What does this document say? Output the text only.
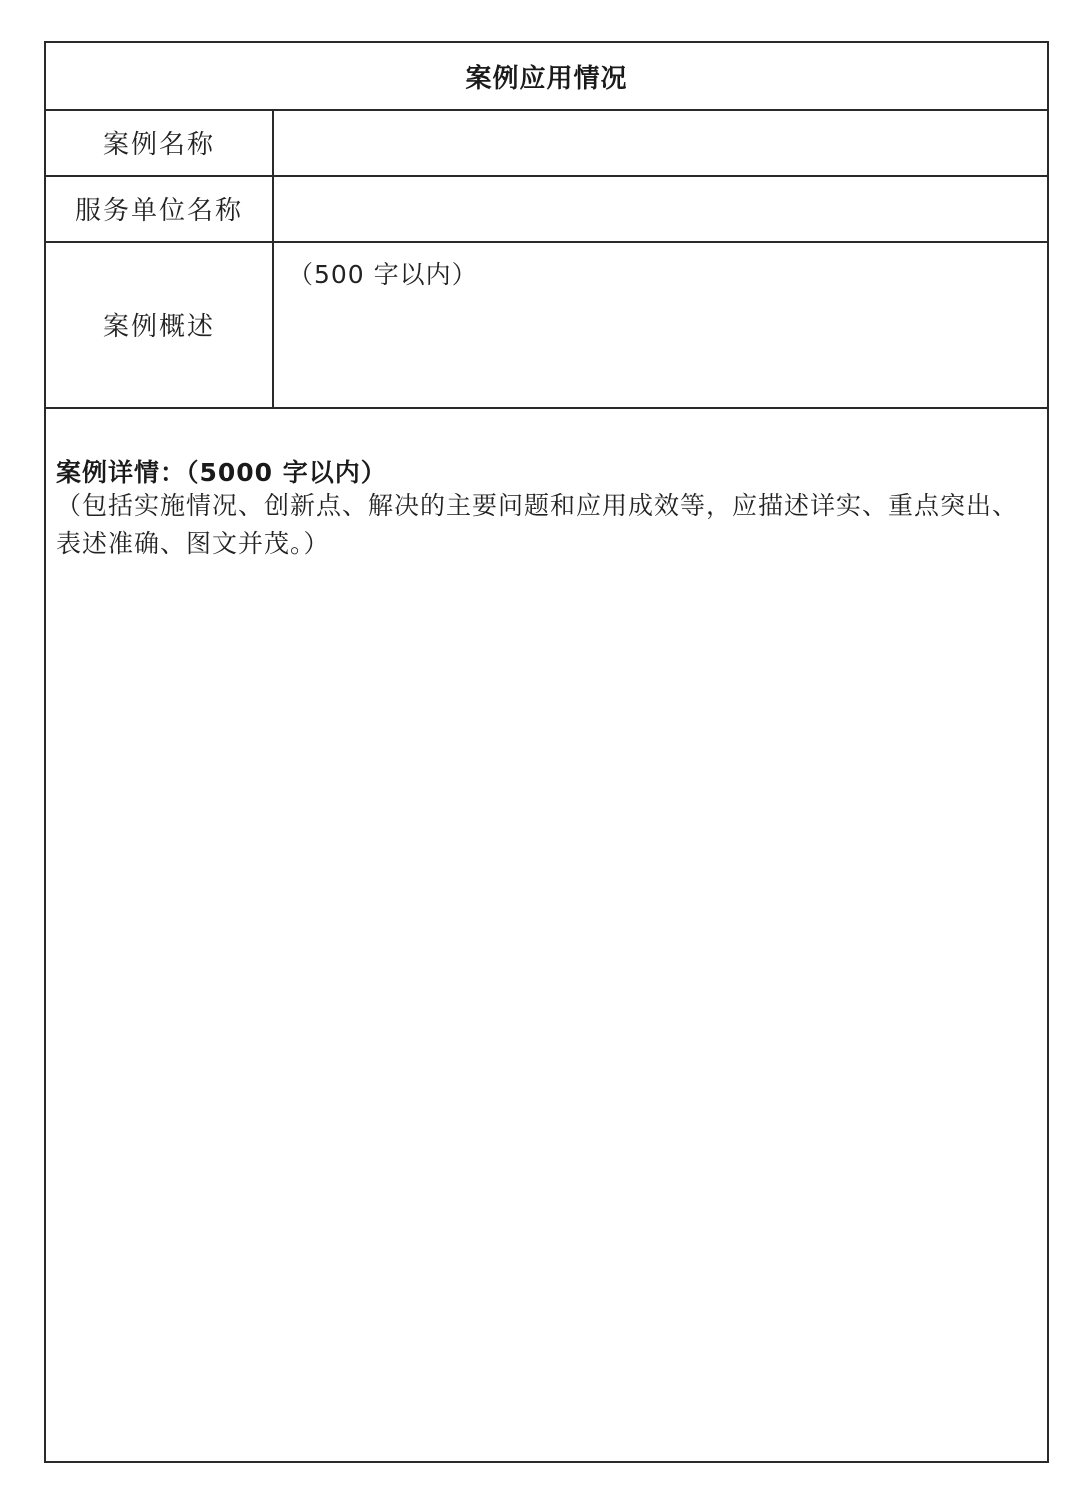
案例应用情况
案例名称
服务单位名称
案例概述
（500 字以内）
案例详情：（5000 字以内）
（包括实施情况、创新点、解决的主要问题和应用成效等，应描述详实、重点突出、表述准确、图文并茂。）
